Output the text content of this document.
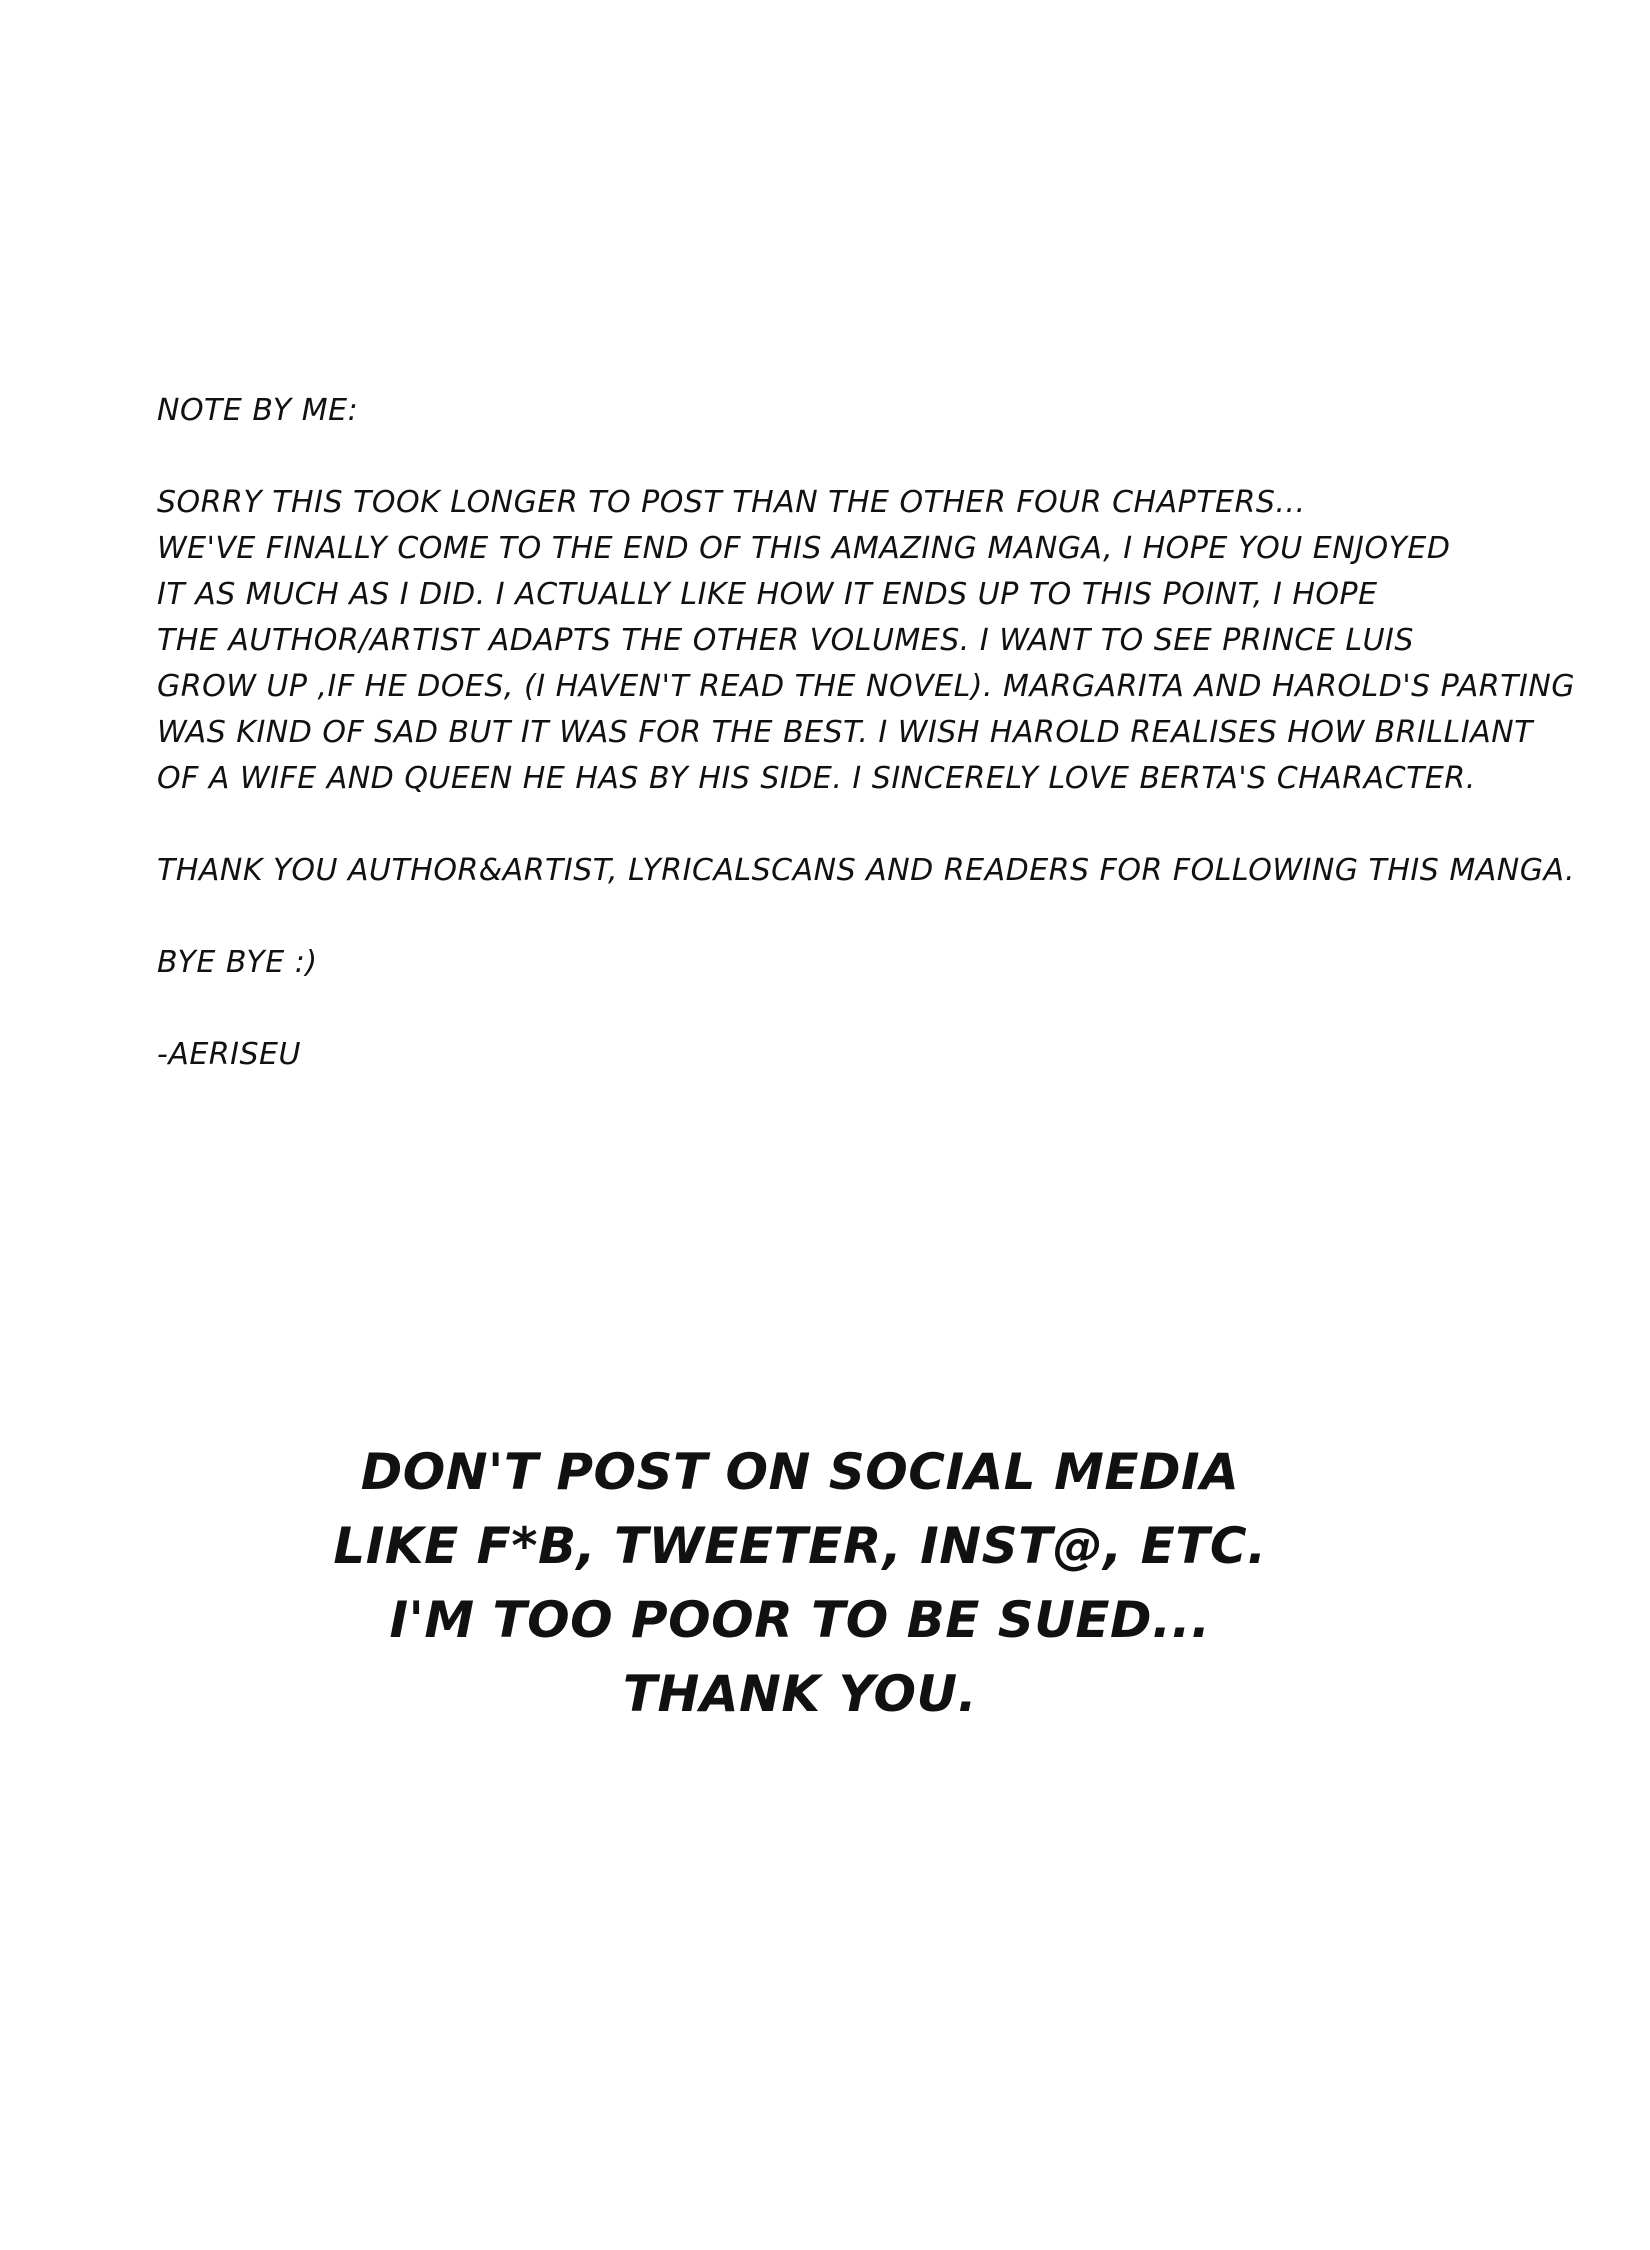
NOTE BY ME:

SORRY THIS TOOK LONGER TO POST THAN THE OTHER FOUR CHAPTERS...

WE'VE FINALLY COME TO THE END OF THIS AMAZING MANGA, I HOPE YOU ENJOYED

IT AS MUCH AS I DID. I ACTUALLY LIKE HOW IT ENDS UP TO THIS POINT, I HOPE

THE AUTHOR/ARTIST ADAPTS THE OTHER VOLUMES. I WANT TO SEE PRINCE LUIS

GROW UP ,IF HE DOES, (I HAVEN'T READ THE NOVEL). MARGARITA AND HAROLD'S PARTING

WAS KIND OF SAD BUT IT WAS FOR THE BEST. I WISH HAROLD REALISES HOW BRILLIANT

OF A WIFE AND QUEEN HE HAS BY HIS SIDE. I SINCERELY LOVE BERTA'S CHARACTER.

THANK YOU AUTHOR&ARTIST, LYRICALSCANS AND READERS FOR FOLLOWING THIS MANGA.

BYE BYE :)

-AERISEU

DON'T POST ON SOCIAL MEDIA

LIKE F*B, TWEETER, INST@, ETC.

I'M TOO POOR TO BE SUED...

THANK YOU.
